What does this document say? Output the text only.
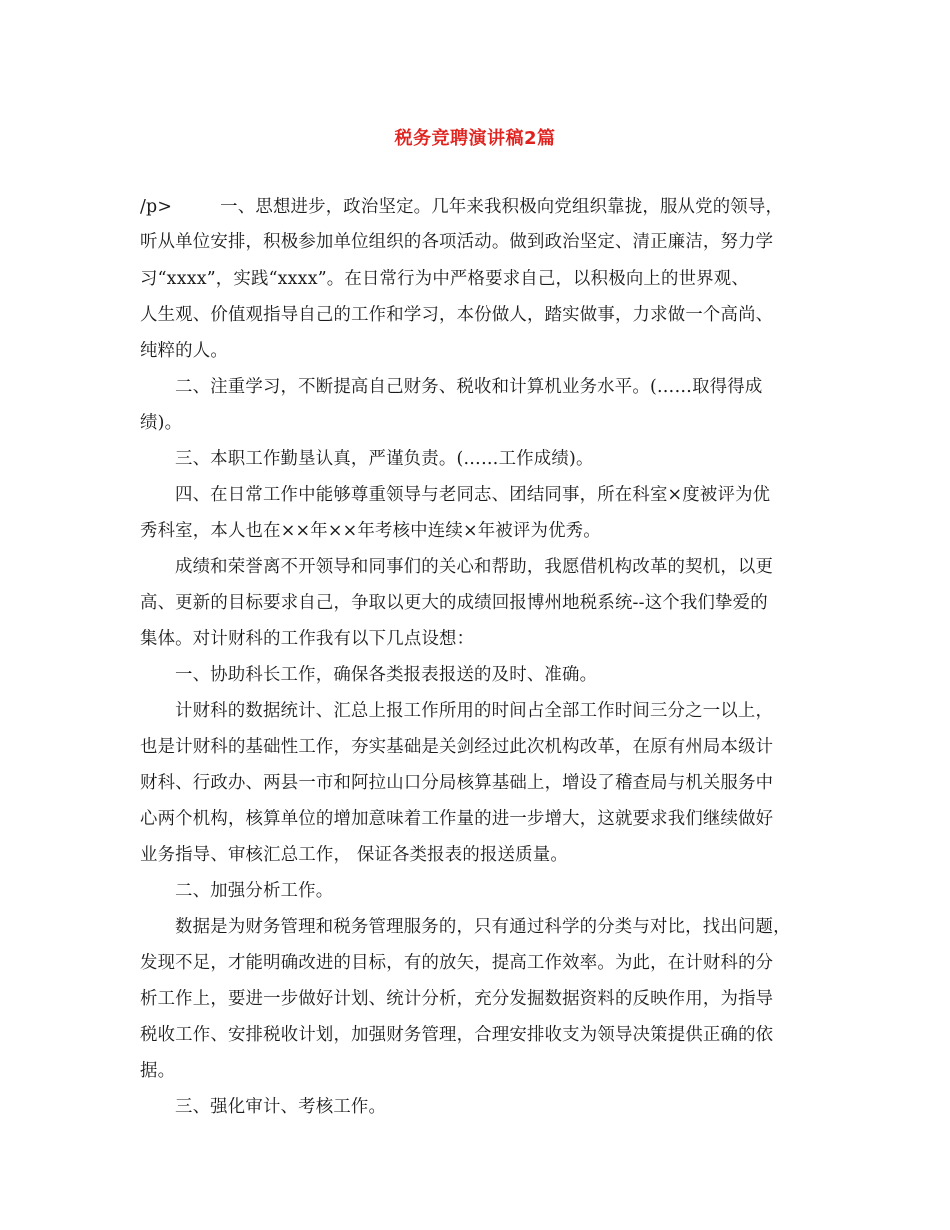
税务竞聘演讲稿2篇
/p>	一、思想进步，政治坚定。几年来我积极向党组织靠拢，服从党的领导，
听从单位安排，积极参加单位组织的各项活动。做到政治坚定、清正廉洁，努力学
习“xxxx”，实践“xxxx”。在日常行为中严格要求自己，以积极向上的世界观、
人生观、价值观指导自己的工作和学习，本份做人，踏实做事，力求做一个高尚、
纯粹的人。
二、注重学习，不断提高自己财务、税收和计算机业务水平。(……取得得成
绩)。
三、本职工作勤垦认真，严谨负责。(……工作成绩)。
四、在日常工作中能够尊重领导与老同志、团结同事，所在科室×度被评为优
秀科室，本人也在××年××年考核中连续×年被评为优秀。
成绩和荣誉离不开领导和同事们的关心和帮助，我愿借机构改革的契机，以更
高、更新的目标要求自己，争取以更大的成绩回报博州地税系统--这个我们挚爱的
集体。对计财科的工作我有以下几点设想：
一、协助科长工作，确保各类报表报送的及时、准确。
计财科的数据统计、汇总上报工作所用的时间占全部工作时间三分之一以上，
也是计财科的基础性工作，夯实基础是关剑经过此次机构改革，在原有州局本级计
财科、行政办、两县一市和阿拉山口分局核算基础上，增设了稽查局与机关服务中
心两个机构，核算单位的增加意味着工作量的进一步增大，这就要求我们继续做好
业务指导、审核汇总工作， 保证各类报表的报送质量。
二、加强分析工作。
数据是为财务管理和税务管理服务的，只有通过科学的分类与对比，找出问题，
发现不足，才能明确改进的目标，有的放矢，提高工作效率。为此，在计财科的分
析工作上，要进一步做好计划、统计分析，充分发掘数据资料的反映作用，为指导
税收工作、安排税收计划，加强财务管理，合理安排收支为领导决策提供正确的依
据。
三、强化审计、考核工作。
